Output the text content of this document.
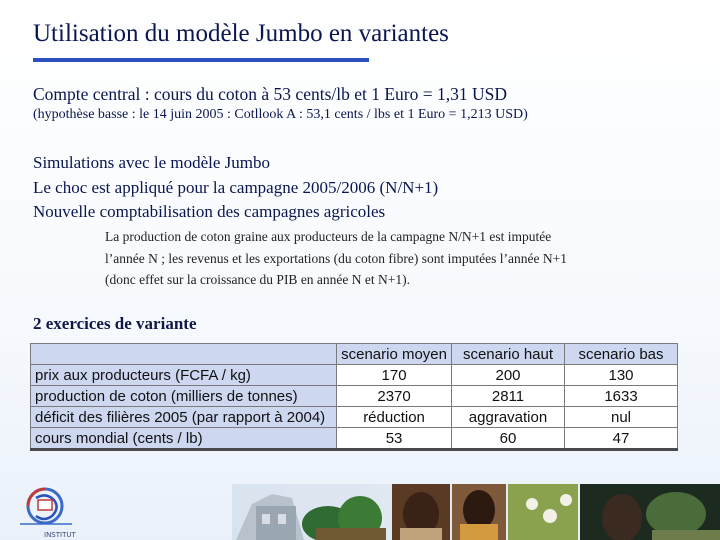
Utilisation du modèle Jumbo en variantes
Compte central : cours du coton à 53 cents/lb et 1 Euro = 1,31 USD
(hypothèse basse : le 14 juin 2005 : Cotllook A : 53,1 cents / lbs et 1 Euro = 1,213 USD)
Simulations avec le modèle Jumbo
Le choc est appliqué pour la campagne 2005/2006 (N/N+1)
Nouvelle comptabilisation des campagnes agricoles
La production de coton graine aux producteurs de la campagne N/N+1 est imputée
l’année N ; les revenus et les exportations (du coton fibre) sont imputées l’année N+1
(donc effet sur la croissance du PIB en année N et N+1).
2 exercices de variante
	scenario moyen	scenario haut	scenario bas
prix aux producteurs (FCFA / kg)	170	200	130
production de coton (milliers de tonnes)	2370	2811	1633
déficit des filières 2005 (par rapport à 2004)	réduction	aggravation	nul
cours mondial (cents / lb)	53	60	47
INSTITUT
